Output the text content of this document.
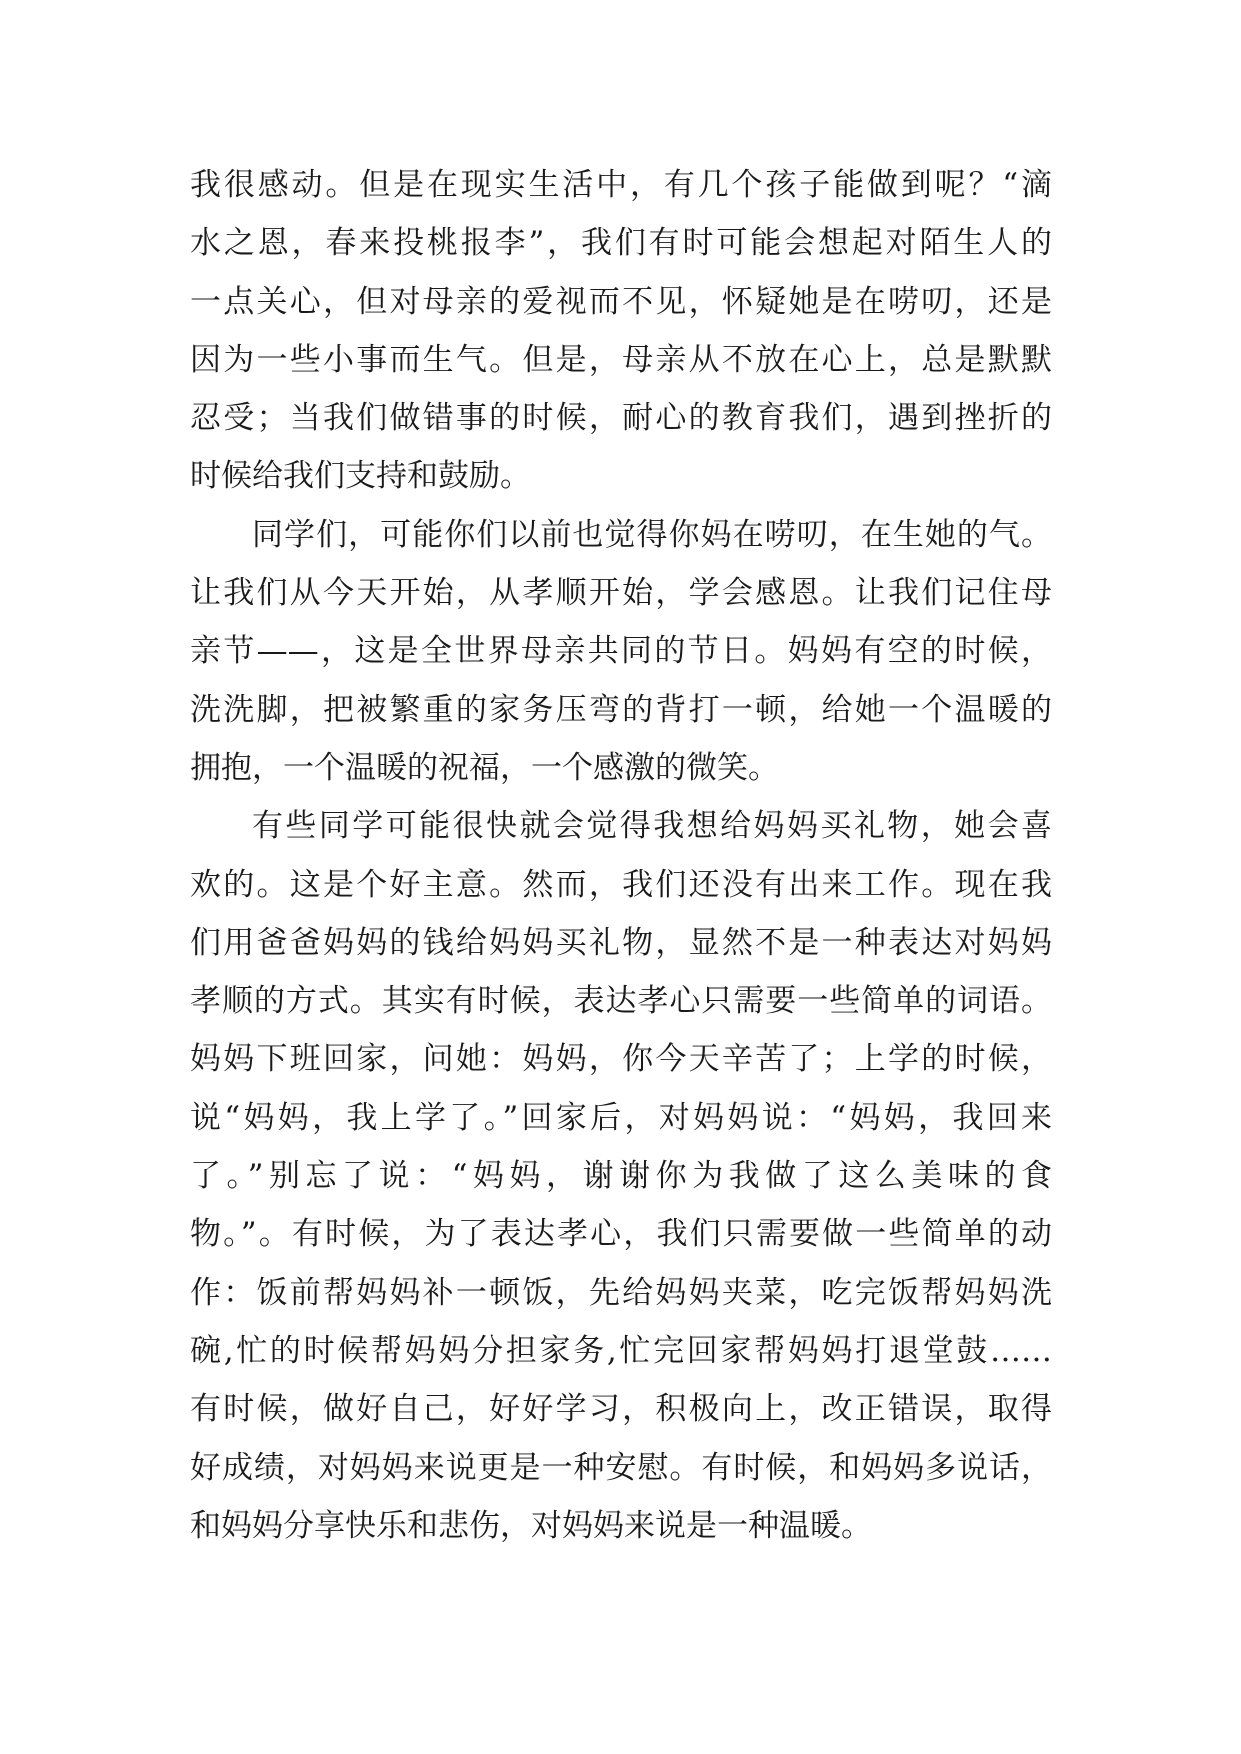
我很感动。但是在现实生活中，有几个孩子能做到呢？“滴
水之恩，春来投桃报李”，我们有时可能会想起对陌生人的
一点关心，但对母亲的爱视而不见，怀疑她是在唠叨，还是
因为一些小事而生气。但是，母亲从不放在心上，总是默默
忍受；当我们做错事的时候，耐心的教育我们，遇到挫折的
时候给我们支持和鼓励。
同学们，可能你们以前也觉得你妈在唠叨，在生她的气。
让我们从今天开始，从孝顺开始，学会感恩。让我们记住母
亲节——，这是全世界母亲共同的节日。妈妈有空的时候，
洗洗脚，把被繁重的家务压弯的背打一顿，给她一个温暖的
拥抱，一个温暖的祝福，一个感激的微笑。
有些同学可能很快就会觉得我想给妈妈买礼物，她会喜
欢的。这是个好主意。然而，我们还没有出来工作。现在我
们用爸爸妈妈的钱给妈妈买礼物，显然不是一种表达对妈妈
孝顺的方式。其实有时候，表达孝心只需要一些简单的词语。
妈妈下班回家，问她：妈妈，你今天辛苦了；上学的时候，
说“妈妈，我上学了。”回家后，对妈妈说：“妈妈，我回来
了。”别忘了说：“妈妈，谢谢你为我做了这么美味的食
物。”。有时候，为了表达孝心，我们只需要做一些简单的动
作：饭前帮妈妈补一顿饭，先给妈妈夹菜，吃完饭帮妈妈洗
碗,忙的时候帮妈妈分担家务,忙完回家帮妈妈打退堂鼓……
有时候，做好自己，好好学习，积极向上，改正错误，取得
好成绩，对妈妈来说更是一种安慰。有时候，和妈妈多说话，
和妈妈分享快乐和悲伤，对妈妈来说是一种温暖。
